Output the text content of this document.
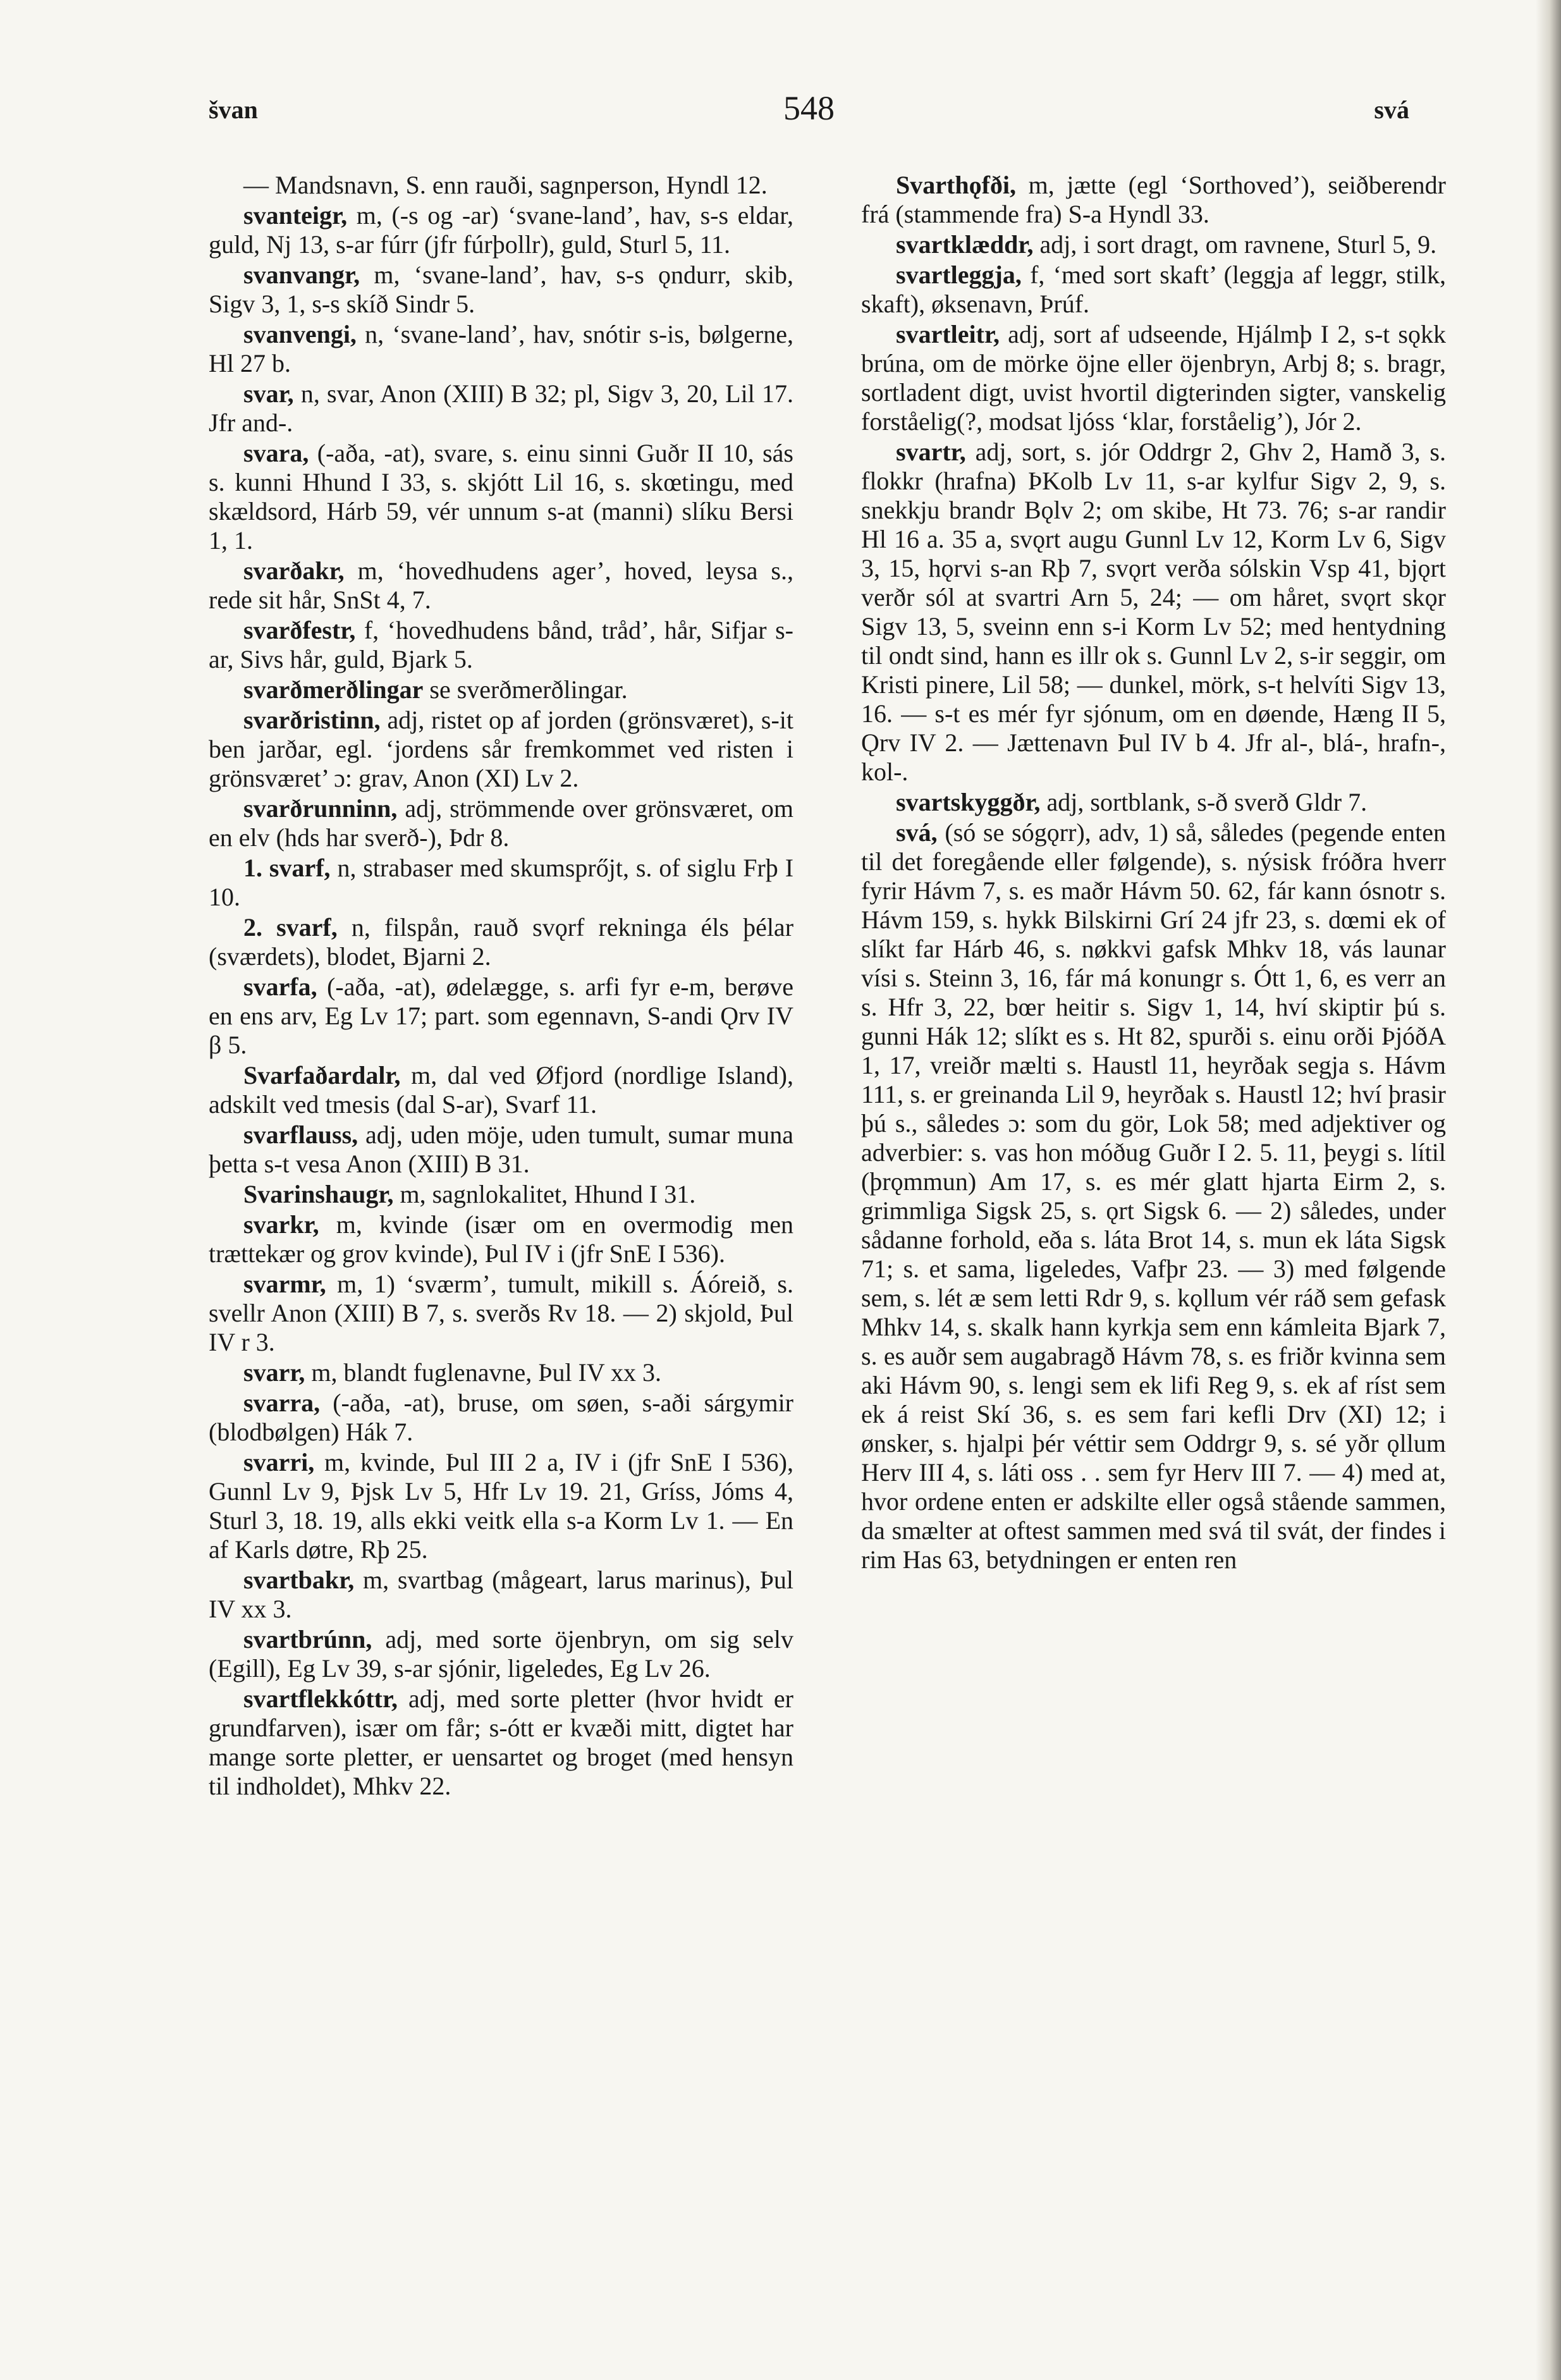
švan	548	svá

— Mandsnavn, S. enn rauði, sagnperson, Hyndl 12.

svanteigr, m, (-s og -ar) ‘svane-land’, hav, s-s eldar, guld, Nj 13, s-ar fúrr (jfr fúrþollr), guld, Sturl 5, 11.

svanvangr, m, ‘svane-land’, hav, s-s ǫndurr, skib, Sigv 3, 1, s-s skíð Sindr 5.

svanvengi, n, ‘svane-land’, hav, snótir s-is, bølgerne, Hl 27 b.

svar, n, svar, Anon (XIII) B 32; pl, Sigv 3, 20, Lil 17. Jfr and-.

svara, (-aða, -at), svare, s. einu sinni Guðr II 10, sás s. kunni Hhund I 33, s. skjótt Lil 16, s. skœtingu, med skældsord, Hárb 59, vér unnum s-at (manni) slíku Bersi 1, 1.

svarðakr, m, ‘hovedhudens ager’, hoved, leysa s., rede sit hår, SnSt 4, 7.

svarðfestr, f, ‘hovedhudens bånd, tråd’, hår, Sifjar s-ar, Sivs hår, guld, Bjark 5.

svarðmerðlingar se sverðmerðlingar.

svarðristinn, adj, ristet op af jorden (grönsværet), s-it ben jarðar, egl. ‘jordens sår fremkommet ved risten i grönsværet’ ɔ: grav, Anon (XI) Lv 2.

svarðrunninn, adj, strömmende over grönsværet, om en elv (hds har sverð-), Þdr 8.

1. svarf, n, strabaser med skumsprőjt, s. of siglu Frþ I 10.

2. svarf, n, filspån, rauð svǫrf rekninga éls þélar (sværdets), blodet, Bjarni 2.

svarfa, (-aða, -at), ødelægge, s. arfi fyr e-m, berøve en ens arv, Eg Lv 17; part. som egennavn, S-andi Ǫrv IV β 5.

Svarfaðardalr, m, dal ved Øfjord (nordlige Island), adskilt ved tmesis (dal S-ar), Svarf 11.

svarflauss, adj, uden möje, uden tumult, sumar muna þetta s-t vesa Anon (XIII) B 31.

Svarinshaugr, m, sagnlokalitet, Hhund I 31.

svarkr, m, kvinde (især om en overmodig men trættekær og grov kvinde), Þul IV i (jfr SnE I 536).

svarmr, m, 1) ‘sværm’, tumult, mikill s. Áóreið, s. svellr Anon (XIII) B 7, s. sverðs Rv 18. — 2) skjold, Þul IV r 3.

svarr, m, blandt fuglenavne, Þul IV xx 3.

svarra, (-aða, -at), bruse, om søen, s-aði sárgymir (blodbølgen) Hák 7.

svarri, m, kvinde, Þul III 2 a, IV i (jfr SnE I 536), Gunnl Lv 9, Þjsk Lv 5, Hfr Lv 19. 21, Gríss, Jóms 4, Sturl 3, 18. 19, alls ekki veitk ella s-a Korm Lv 1. — En af Karls døtre, Rþ 25.

svartbakr, m, svartbag (mågeart, larus marinus), Þul IV xx 3.

svartbrúnn, adj, med sorte öjenbryn, om sig selv (Egill), Eg Lv 39, s-ar sjónir, ligeledes, Eg Lv 26.

svartflekkóttr, adj, med sorte pletter (hvor hvidt er grundfarven), især om får; s-ótt er kvæði mitt, digtet har mange sorte pletter, er uensartet og broget (med hensyn til indholdet), Mhkv 22.

Svarthǫfði, m, jætte (egl ‘Sorthoved’), seiðberendr frá (stammende fra) S-a Hyndl 33.

svartklæddr, adj, i sort dragt, om ravnene, Sturl 5, 9.

svartleggja, f, ‘med sort skaft’ (leggja af leggr, stilk, skaft), øksenavn, Þrúf.

svartleitr, adj, sort af udseende, Hjálmþ I 2, s-t sǫkk brúna, om de mörke öjne eller öjenbryn, Arbj 8; s. bragr, sortladent digt, uvist hvortil digterinden sigter, vanskelig forståelig(?, modsat ljóss ‘klar, forståelig’), Jór 2.

svartr, adj, sort, s. jór Oddrgr 2, Ghv 2, Hamð 3, s. flokkr (hrafna) ÞKolb Lv 11, s-ar kylfur Sigv 2, 9, s. snekkju brandr Bǫlv 2; om skibe, Ht 73. 76; s-ar randir Hl 16 a. 35 a, svǫrt augu Gunnl Lv 12, Korm Lv 6, Sigv 3, 15, hǫrvi s-an Rþ 7, svǫrt verða sólskin Vsp 41, bjǫrt verðr sól at svartri Arn 5, 24; — om håret, svǫrt skǫr Sigv 13, 5, sveinn enn s-i Korm Lv 52; med hentydning til ondt sind, hann es illr ok s. Gunnl Lv 2, s-ir seggir, om Kristi pinere, Lil 58; — dunkel, mörk, s-t helvíti Sigv 13, 16. — s-t es mér fyr sjónum, om en døende, Hæng II 5, Ǫrv IV 2. — Jættenavn Þul IV b 4. Jfr al-, blá-, hrafn-, kol-.

svartskyggðr, adj, sortblank, s-ð sverð Gldr 7.

svá, (só se sógǫrr), adv, 1) så, således (pegende enten til det foregående eller følgende), s. nýsisk fróðra hverr fyrir Hávm 7, s. es maðr Hávm 50. 62, fár kann ósnotr s. Hávm 159, s. hykk Bilskirni Grí 24 jfr 23, s. dœmi ek of slíkt far Hárb 46, s. nøkkvi gafsk Mhkv 18, vás launar vísi s. Steinn 3, 16, fár má konungr s. Ótt 1, 6, es verr an s. Hfr 3, 22, bœr heitir s. Sigv 1, 14, hví skiptir þú s. gunni Hák 12; slíkt es s. Ht 82, spurði s. einu orði ÞjóðA 1, 17, vreiðr mælti s. Haustl 11, heyrðak segja s. Hávm 111, s. er greinanda Lil 9, heyrðak s. Haustl 12; hví þrasir þú s., således ɔ: som du gör, Lok 58; med adjektiver og adverbier: s. vas hon móðug Guðr I 2. 5. 11, þeygi s. lítil (þrǫmmun) Am 17, s. es mér glatt hjarta Eirm 2, s. grimmliga Sigsk 25, s. ǫrt Sigsk 6. — 2) således, under sådanne forhold, eða s. láta Brot 14, s. mun ek láta Sigsk 71; s. et sama, ligeledes, Vafþr 23. — 3) med følgende sem, s. lét æ sem letti Rdr 9, s. kǫllum vér ráð sem gefask Mhkv 14, s. skalk hann kyrkja sem enn kámleita Bjark 7, s. es auðr sem augabragð Hávm 78, s. es friðr kvinna sem aki Hávm 90, s. lengi sem ek lifi Reg 9, s. ek af ríst sem ek á reist Skí 36, s. es sem fari kefli Drv (XI) 12; i ønsker, s. hjalpi þér véttir sem Oddrgr 9, s. sé yðr ǫllum Herv III 4, s. láti oss . . sem fyr Herv III 7. — 4) med at, hvor ordene enten er adskilte eller også stående sammen, da smælter at oftest sammen med svá til svát, der findes i rim Has 63, betydningen er enten ren
